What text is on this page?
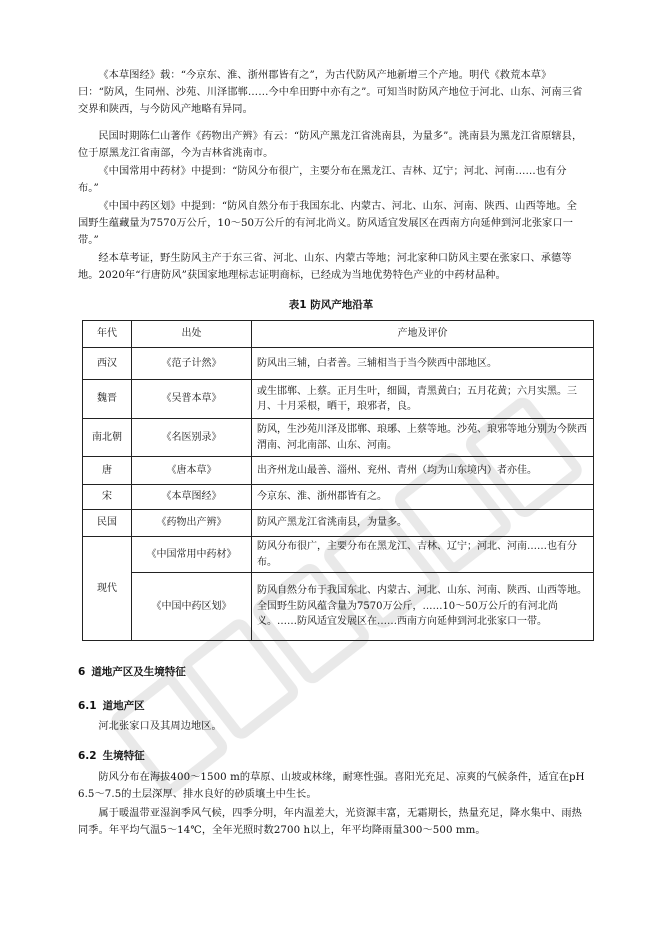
《本草图经》载：“今京东、淮、浙州郡皆有之”，为古代防风产地新增三个产地。明代《救荒本草》曰：“防风，生同州、沙苑、川泽邯郸……今中牟田野中亦有之”。可知当时防风产地位于河北、山东、河南三省交界和陕西，与今防风产地略有异同。

民国时期陈仁山著作《药物出产辨》有云：“防风产黑龙江省洮南县，为量多”。洮南县为黑龙江省原辖县，位于原黑龙江省南部，今为吉林省洮南市。

《中国常用中药材》中提到：“防风分布很广，主要分布在黑龙江、吉林、辽宁；河北、河南……也有分布。”

《中国中药区划》中提到：“防风自然分布于我国东北、内蒙古、河北、山东、河南、陕西、山西等地。全国野生蕴藏量为7570万公斤，10～50万公斤的有河北尚义。防风适宜发展区在西南方向延伸到河北张家口一带。”

经本草考证，野生防风主产于东三省、河北、山东、内蒙古等地；河北家种口防风主要在张家口、承德等地。2020年“行唐防风”获国家地理标志证明商标，已经成为当地优势特色产业的中药材品种。

表1 防风产地沿革
年代	出处	产地及评价
西汉	《范子计然》	防风出三辅，白者善。三辅相当于当今陕西中部地区。
魏晋	《吴普本草》	或生邯郸、上蔡。正月生叶，细圆，青黑黄白；五月花黄；六月实黑。三月、十月采根，晒干，琅邪者，良。
南北朝	《名医别录》	防风，生沙苑川泽及邯郸、琅琊、上蔡等地。沙苑、琅邪等地分别为今陕西渭南、河北南部、山东、河南。
唐	《唐本草》	出齐州龙山最善、淄州、兖州、青州（均为山东境内）者亦佳。
宋	《本草图经》	今京东、淮、浙州郡皆有之。
民国	《药物出产辨》	防风产黑龙江省洮南县，为量多。
现代	《中国常用中药材》	防风分布很广，主要分布在黑龙江、吉林、辽宁；河北、河南……也有分布。
	《中国中药区划》	防风自然分布于我国东北、内蒙古、河北、山东、河南、陕西、山西等地。全国野生防风蕴含量为7570万公斤，……10～50万公斤的有河北尚义。……防风适宜发展区在……西南方向延伸到河北张家口一带。
6 道地产区及生境特征
6.1 道地产区

河北张家口及其周边地区。

6.2 生境特征

防风分布在海拔400～1500 m的草原、山坡或林缘，耐寒性强。喜阳光充足、凉爽的气候条件，适宜在pH 6.5～7.5的土层深厚、排水良好的砂质壤土中生长。

属于暖温带亚湿润季风气候，四季分明，年内温差大，光资源丰富，无霜期长，热量充足，降水集中、雨热同季。年平均气温5～14℃，全年光照时数2700 h以上，年平均降雨量300～500 mm。
